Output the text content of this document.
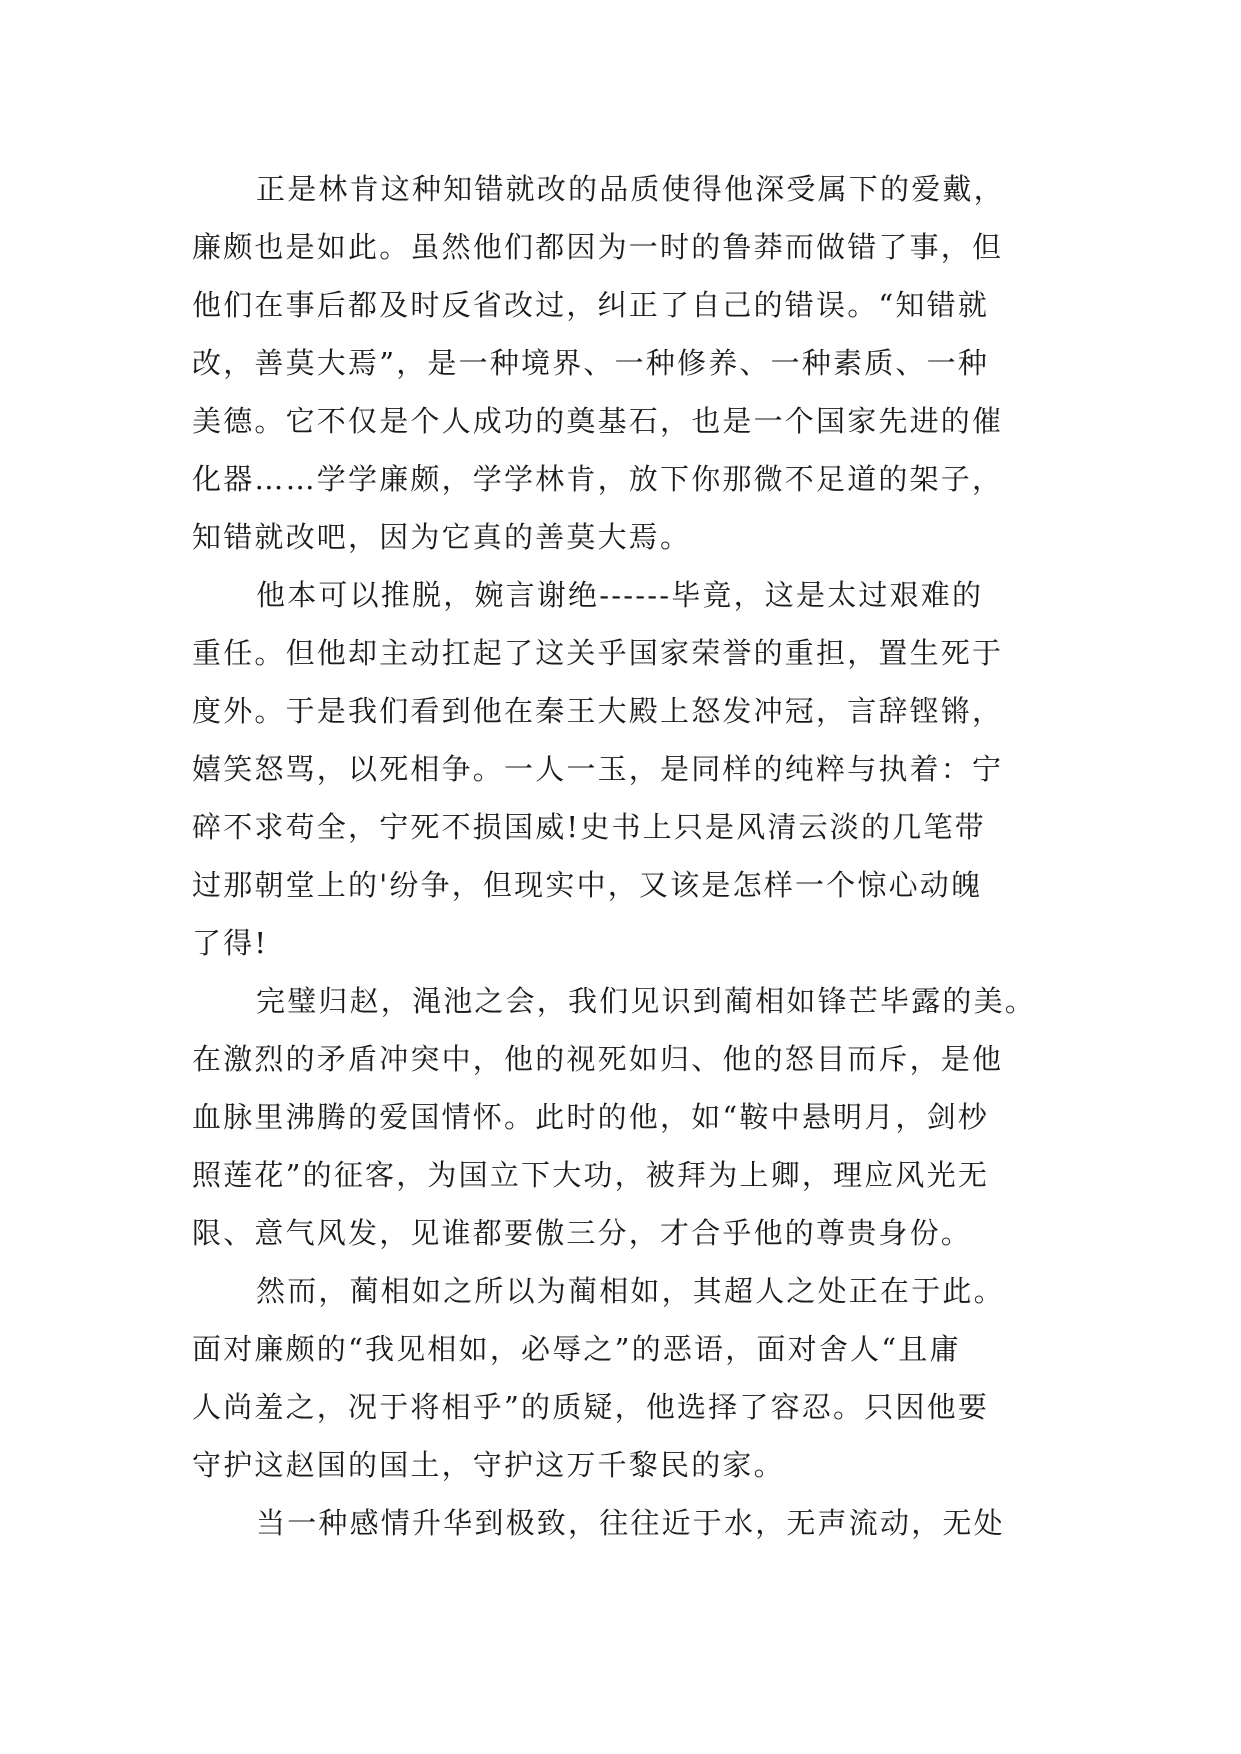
正是林肯这种知错就改的品质使得他深受属下的爱戴，
廉颇也是如此。虽然他们都因为一时的鲁莽而做错了事，但
他们在事后都及时反省改过，纠正了自己的错误。“知错就
改，善莫大焉”，是一种境界、一种修养、一种素质、一种
美德。它不仅是个人成功的奠基石，也是一个国家先进的催
化器……学学廉颇，学学林肯，放下你那微不足道的架子，
知错就改吧，因为它真的善莫大焉。
他本可以推脱，婉言谢绝------毕竟，这是太过艰难的
重任。但他却主动扛起了这关乎国家荣誉的重担，置生死于
度外。于是我们看到他在秦王大殿上怒发冲冠，言辞铿锵，
嬉笑怒骂，以死相争。一人一玉，是同样的纯粹与执着：宁
碎不求苟全，宁死不损国威!史书上只是风清云淡的几笔带
过那朝堂上的'纷争，但现实中，又该是怎样一个惊心动魄
了得!
完璧归赵，渑池之会，我们见识到蔺相如锋芒毕露的美。
在激烈的矛盾冲突中，他的视死如归、他的怒目而斥，是他
血脉里沸腾的爱国情怀。此时的他，如“鞍中悬明月，剑杪
照莲花”的征客，为国立下大功，被拜为上卿，理应风光无
限、意气风发，见谁都要傲三分，才合乎他的尊贵身份。
然而，蔺相如之所以为蔺相如，其超人之处正在于此。
面对廉颇的“我见相如，必辱之”的恶语，面对舍人“且庸
人尚羞之，况于将相乎”的质疑，他选择了容忍。只因他要
守护这赵国的国土，守护这万千黎民的家。
当一种感情升华到极致，往往近于水，无声流动，无处
